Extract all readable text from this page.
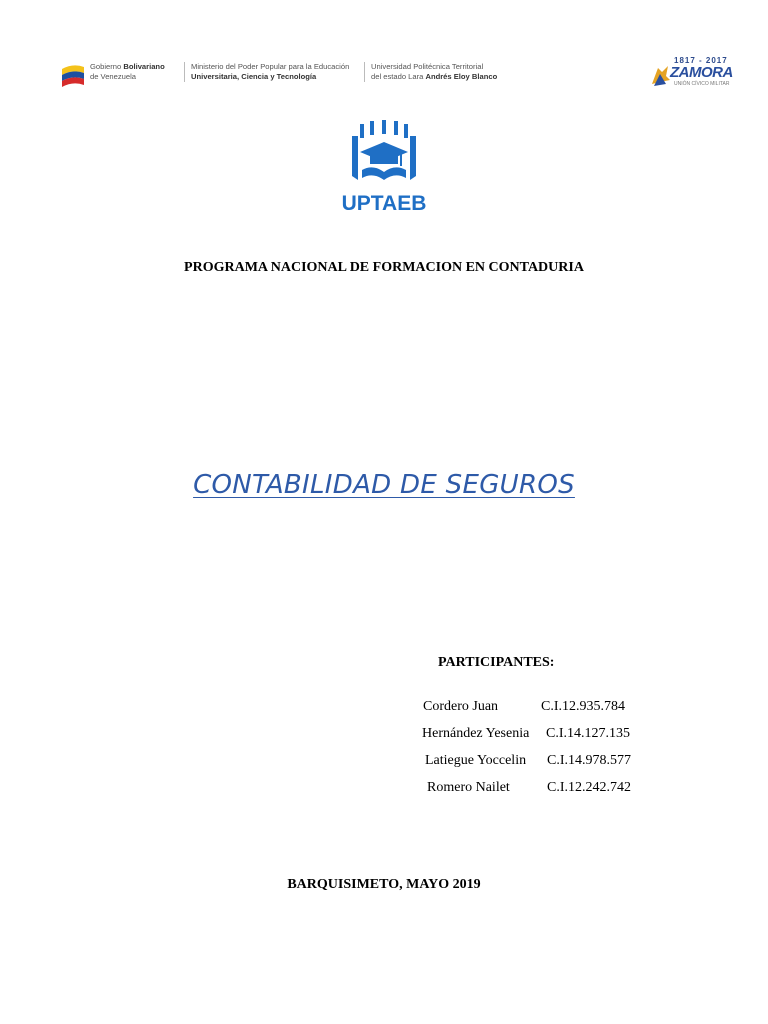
Gobierno Bolivariano
de Venezuela
Ministerio del Poder Popular para la Educación
Universitaria, Ciencia y Tecnología
Universidad Politécnica Territorial
del estado Lara Andrés Eloy Blanco
1817 - 2017
ZAMORA
UNIÓN CÍVICO MILITAR
UPTAEB
PROGRAMA NACIONAL DE FORMACION EN CONTADURIA
CONTABILIDAD DE SEGUROS
PARTICIPANTES:
Cordero Juan	C.I.12.935.784
Hernández Yesenia C.I.14.127.135
Latiegue Yoccelin C.I.14.978.577
Romero Nailet	C.I.12.242.742
BARQUISIMETO, MAYO 2019
